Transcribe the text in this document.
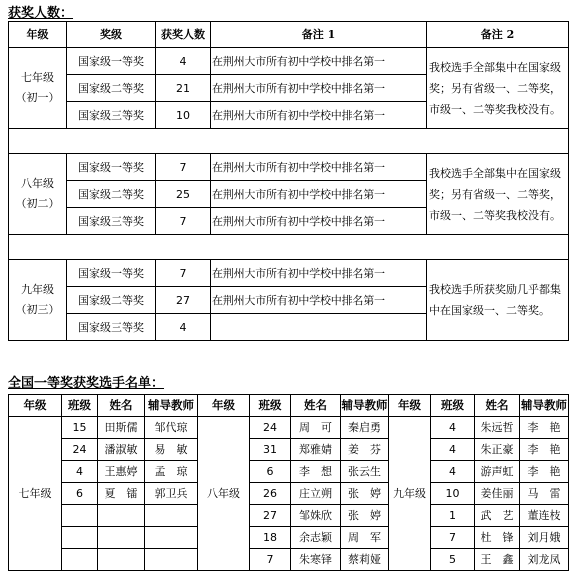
获奖人数：
年级	奖级	获奖人数	备注 1	备注 2

七年级
（初一）	国家级一等奖	4	在荆州大市所有初中学校中排名第一	我校选手全部集中在国家级奖；另有省级一、二等奖，市级一、二等奖我校没有。
	国家级二等奖	21	在荆州大市所有初中学校中排名第一	
	国家级三等奖	10	在荆州大市所有初中学校中排名第一	

八年级
（初二）	国家级一等奖	7	在荆州大市所有初中学校中排名第一	我校选手全部集中在国家级奖；另有省级一、二等奖，市级一、二等奖我校没有。
	国家级二等奖	25	在荆州大市所有初中学校中排名第一	
	国家级三等奖	7	在荆州大市所有初中学校中排名第一	

九年级
（初三）	国家级一等奖	7	在荆州大市所有初中学校中排名第一	我校选手所获奖励几乎都集中在国家级一、二等奖。
	国家级二等奖	27	在荆州大市所有初中学校中排名第一	
	国家级三等奖	4		
全国一等奖获奖选手名单：
年级	班级	姓名	辅导教师	年级	班级	姓名	辅导教师	年级	班级	姓名	辅导教师
七年级	15	田斯儒	邹代琼	八年级	24	周　可	秦启勇	九年级	4	朱远哲	李　艳
	24	潘淑敏	易　敏		31	郑雅婧	姜　芬		4	朱正豪	李　艳
	4	王惠婷	孟　琼		6	李　想	张云生		4	游声虹	李　艳
	6	夏　镭	郭卫兵		26	庄立朔	张　婷		10	姜佳丽	马　雷
					27	邹姝欣	张　婷		1	武　艺	董连枝
					18	余志颖	周　军		7	杜　锋	刘月娥
					7	朱寒铎	蔡莉娅		5	王　鑫	刘龙凤
